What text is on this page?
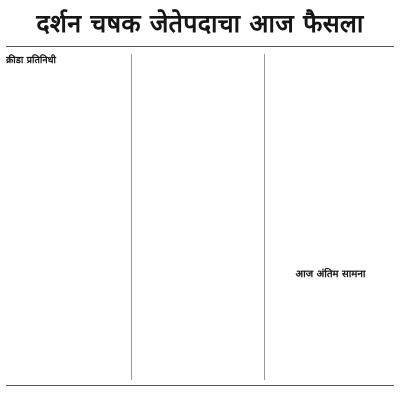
दर्शन चषक जेतेपदाचा आज फैसला
क्रीडा प्रतिनिधी
आज अंतिम सामना
